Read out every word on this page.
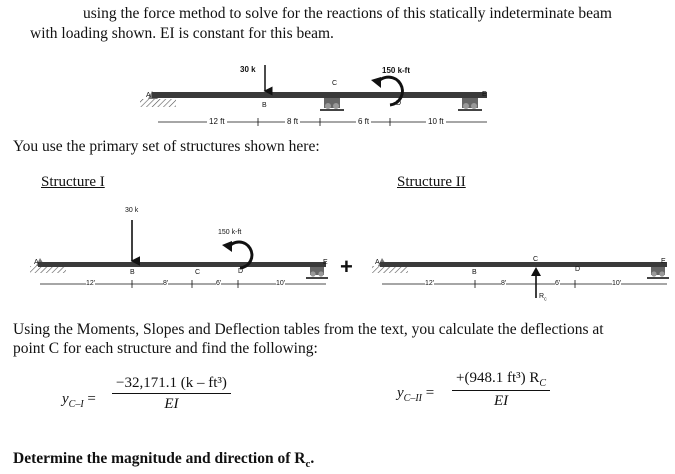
using the force method to solve for the reactions of this statically indeterminate beam
with loading shown. EI is constant for this beam.
30 k	150 k-ft
A
B
C
D
E
12 ft	8 ft	6 ft	10 ft
You use the primary set of structures shown here:
Structure I	Structure II
30 k
150 k-ft
A
B	C	D
E
12'	8'	6'	10'
+	A
B
C
D
E
$R_c$
12'	8'	6'	10'
Using the Moments, Slopes and Deflection tables from the text, you calculate the deflections at
point C for each structure and find the following:
$y_{C-I} = \frac{\text{−32,171.1 (k – ft³)}}{EI}$	$y_{C-II} = \frac{+(948.1 ft^3) R_C}{EI}$
Determine the magnitude and direction of $R_c$.
